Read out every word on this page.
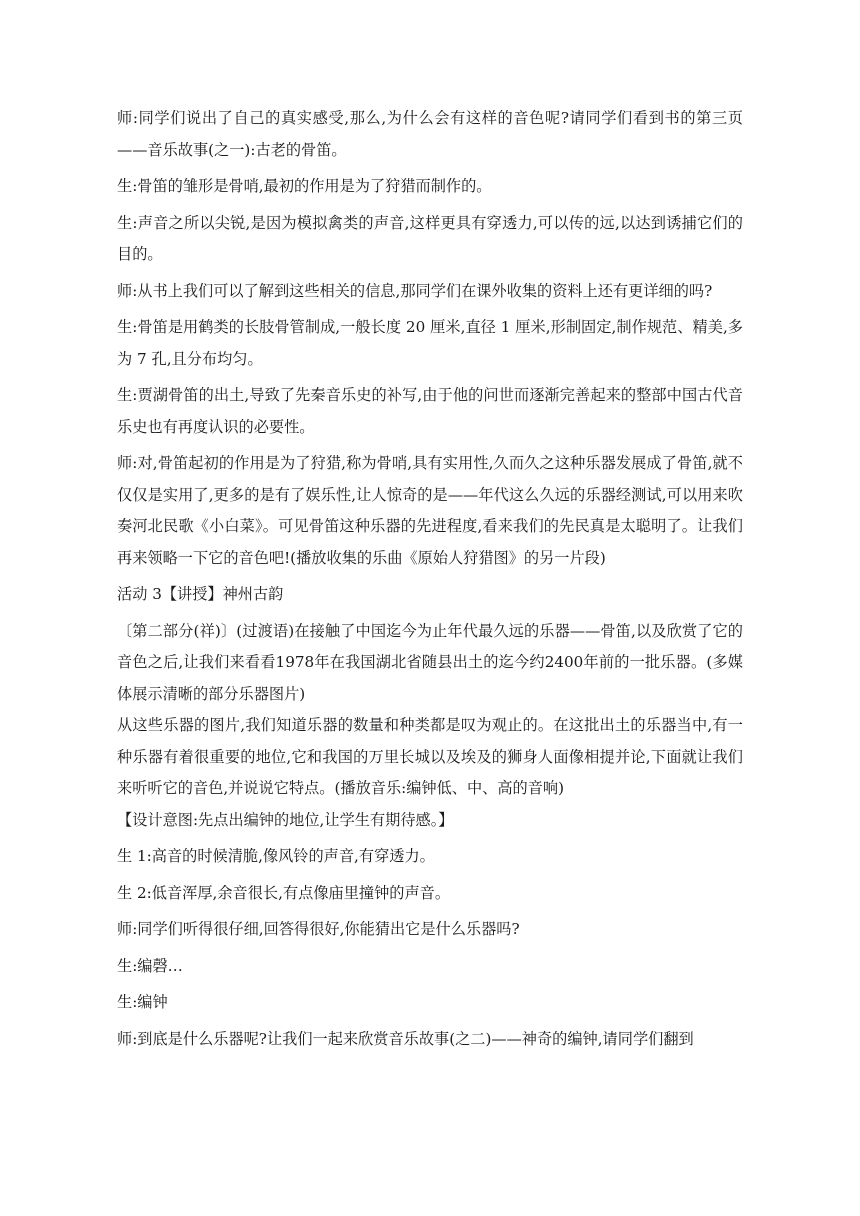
师:同学们说出了自己的真实感受,那么,为什么会有这样的音色呢?请同学们看到书的第三页——音乐故事(之一):古老的骨笛。

生:骨笛的雏形是骨哨,最初的作用是为了狩猎而制作的。

生:声音之所以尖锐,是因为模拟禽类的声音,这样更具有穿透力,可以传的远,以达到诱捕它们的目的。

师:从书上我们可以了解到这些相关的信息,那同学们在课外收集的资料上还有更详细的吗?

生:骨笛是用鹤类的长肢骨管制成,一般长度 20 厘米,直径 1 厘米,形制固定,制作规范、精美,多为 7 孔,且分布均匀。

生:贾湖骨笛的出土,导致了先秦音乐史的补写,由于他的问世而逐渐完善起来的整部中国古代音乐史也有再度认识的必要性。

师:对,骨笛起初的作用是为了狩猎,称为骨哨,具有实用性,久而久之这种乐器发展成了骨笛,就不仅仅是实用了,更多的是有了娱乐性,让人惊奇的是——年代这么久远的乐器经测试,可以用来吹奏河北民歌《小白菜》。可见骨笛这种乐器的先进程度,看来我们的先民真是太聪明了。让我们再来领略一下它的音色吧!(播放收集的乐曲《原始人狩猎图》的另一片段)

活动 3【讲授】神州古韵

〔第二部分(祥)〕(过渡语)在接触了中国迄今为止年代最久远的乐器——骨笛,以及欣赏了它的音色之后,让我们来看看1978年在我国湖北省随县出土的迄今约2400年前的一批乐器。(多媒体展示清晰的部分乐器图片)

从这些乐器的图片,我们知道乐器的数量和种类都是叹为观止的。在这批出土的乐器当中,有一种乐器有着很重要的地位,它和我国的万里长城以及埃及的狮身人面像相提并论,下面就让我们来听听它的音色,并说说它特点。(播放音乐:编钟低、中、高的音响)

【设计意图:先点出编钟的地位,让学生有期待感。】

生 1:高音的时候清脆,像风铃的声音,有穿透力。

生 2:低音浑厚,余音很长,有点像庙里撞钟的声音。

师:同学们听得很仔细,回答得很好,你能猜出它是什么乐器吗?

生:编磬…

生:编钟

师:到底是什么乐器呢?让我们一起来欣赏音乐故事(之二)——神奇的编钟,请同学们翻到
